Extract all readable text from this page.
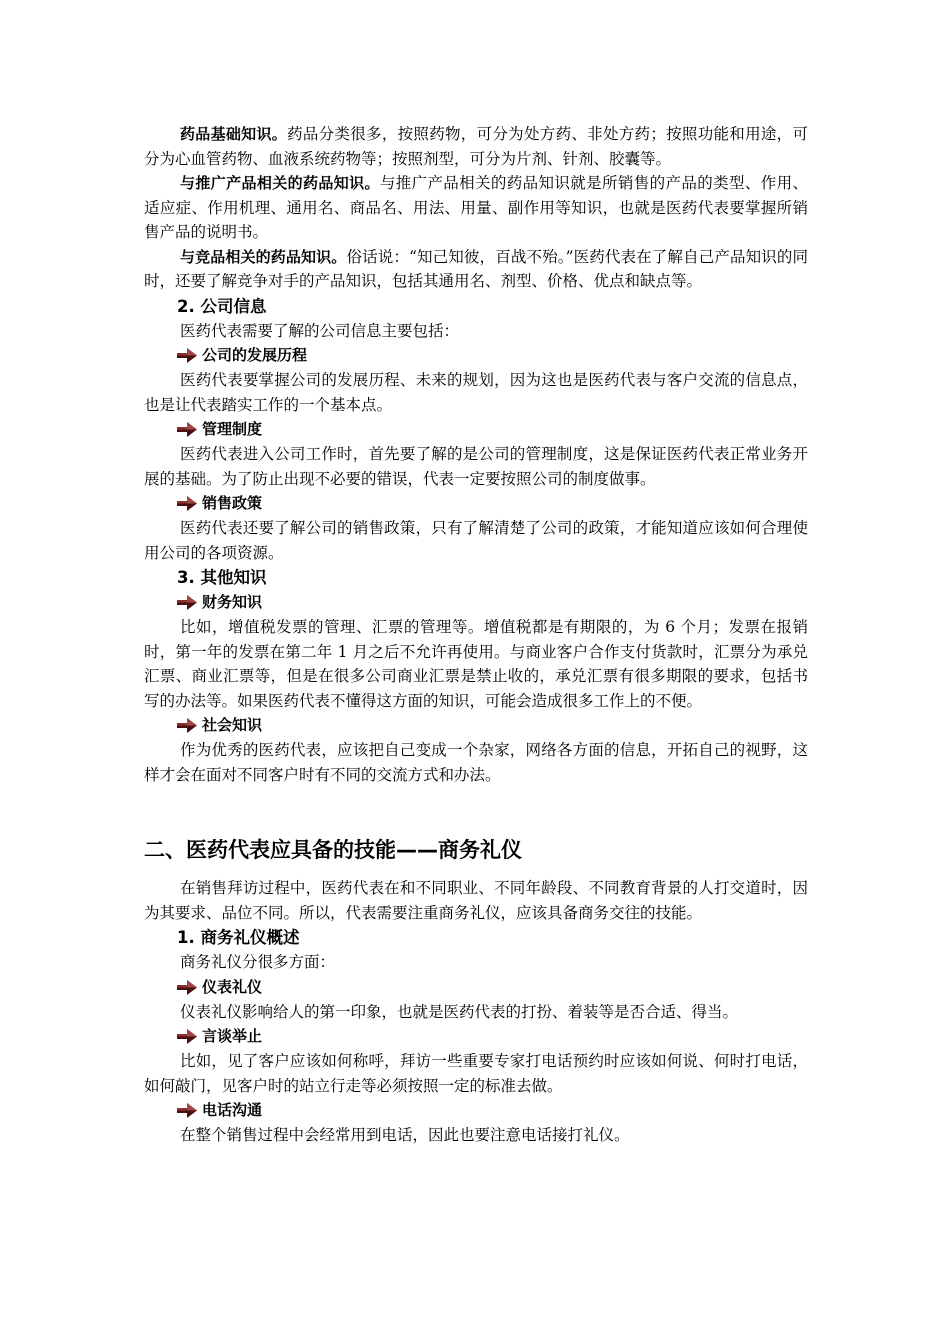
药品基础知识。药品分类很多，按照药物，可分为处方药、非处方药；按照功能和用途，可分为心血管药物、血液系统药物等；按照剂型，可分为片剂、针剂、胶囊等。

与推广产品相关的药品知识。与推广产品相关的药品知识就是所销售的产品的类型、作用、适应症、作用机理、通用名、商品名、用法、用量、副作用等知识，也就是医药代表要掌握所销售产品的说明书。

与竞品相关的药品知识。俗话说：“知己知彼，百战不殆。”医药代表在了解自己产品知识的同时，还要了解竞争对手的产品知识，包括其通用名、剂型、价格、优点和缺点等。

2. 公司信息

医药代表需要了解的公司信息主要包括：

公司的发展历程

医药代表要掌握公司的发展历程、未来的规划，因为这也是医药代表与客户交流的信息点，也是让代表踏实工作的一个基本点。

管理制度

医药代表进入公司工作时，首先要了解的是公司的管理制度，这是保证医药代表正常业务开展的基础。为了防止出现不必要的错误，代表一定要按照公司的制度做事。

销售政策

医药代表还要了解公司的销售政策，只有了解清楚了公司的政策，才能知道应该如何合理使用公司的各项资源。

3. 其他知识

财务知识

比如，增值税发票的管理、汇票的管理等。增值税都是有期限的，为 6 个月；发票在报销时，第一年的发票在第二年 1 月之后不允许再使用。与商业客户合作支付货款时，汇票分为承兑汇票、商业汇票等，但是在很多公司商业汇票是禁止收的，承兑汇票有很多期限的要求，包括书写的办法等。如果医药代表不懂得这方面的知识，可能会造成很多工作上的不便。

社会知识

作为优秀的医药代表，应该把自己变成一个杂家，网络各方面的信息，开拓自己的视野，这样才会在面对不同客户时有不同的交流方式和办法。

二、医药代表应具备的技能——商务礼仪

在销售拜访过程中，医药代表在和不同职业、不同年龄段、不同教育背景的人打交道时，因为其要求、品位不同。所以，代表需要注重商务礼仪，应该具备商务交往的技能。

1. 商务礼仪概述

商务礼仪分很多方面：

仪表礼仪

仪表礼仪影响给人的第一印象，也就是医药代表的打扮、着装等是否合适、得当。

言谈举止

比如，见了客户应该如何称呼，拜访一些重要专家打电话预约时应该如何说、何时打电话，如何敲门，见客户时的站立行走等必须按照一定的标准去做。

电话沟通

在整个销售过程中会经常用到电话，因此也要注意电话接打礼仪。
